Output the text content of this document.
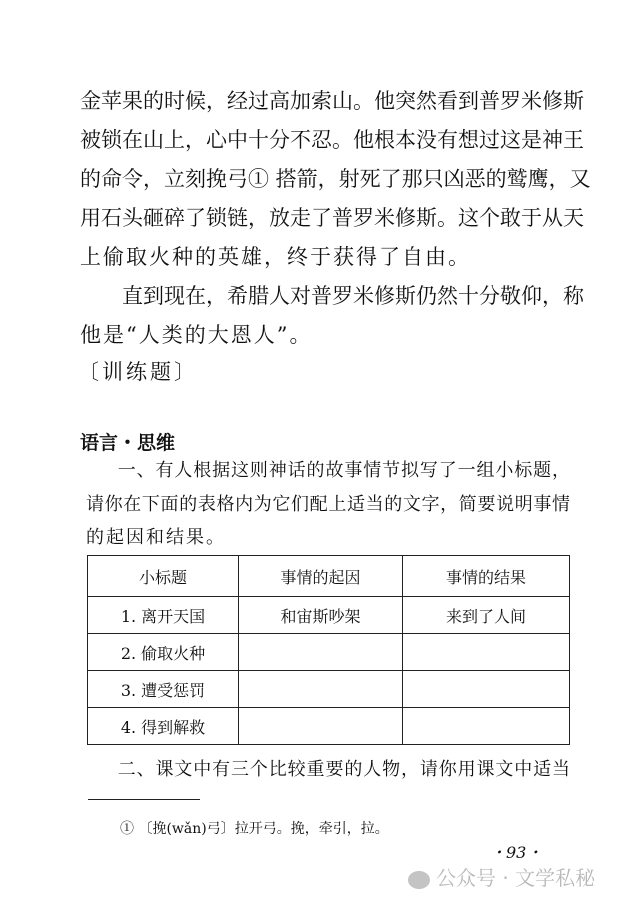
金苹果的时候，经过高加索山。他突然看到普罗米修斯
被锁在山上，心中十分不忍。他根本没有想过这是神王
的命令，立刻挽弓① 搭箭，射死了那只凶恶的鹫鹰，又
用石头砸碎了锁链，放走了普罗米修斯。这个敢于从天
上偷取火种的英雄，终于获得了自由。
　　直到现在，希腊人对普罗米修斯仍然十分敬仰，称
他是“人类的大恩人”。
〔训练题〕
语言・思维
　　一、有人根据这则神话的故事情节拟写了一组小标题，
请你在下面的表格内为它们配上适当的文字，简要说明事情
的起因和结果。
小标题	事情的起因	事情的结果
1. 离开天国	和宙斯吵架	来到了人间
2. 偷取火种		
3. 遭受惩罚		
4. 得到解救		
　　二、课文中有三个比较重要的人物，请你用课文中适当
① 〔挽(wǎn)弓〕拉开弓。挽，牵引，拉。
・93・
公众号 · 文学私秘
